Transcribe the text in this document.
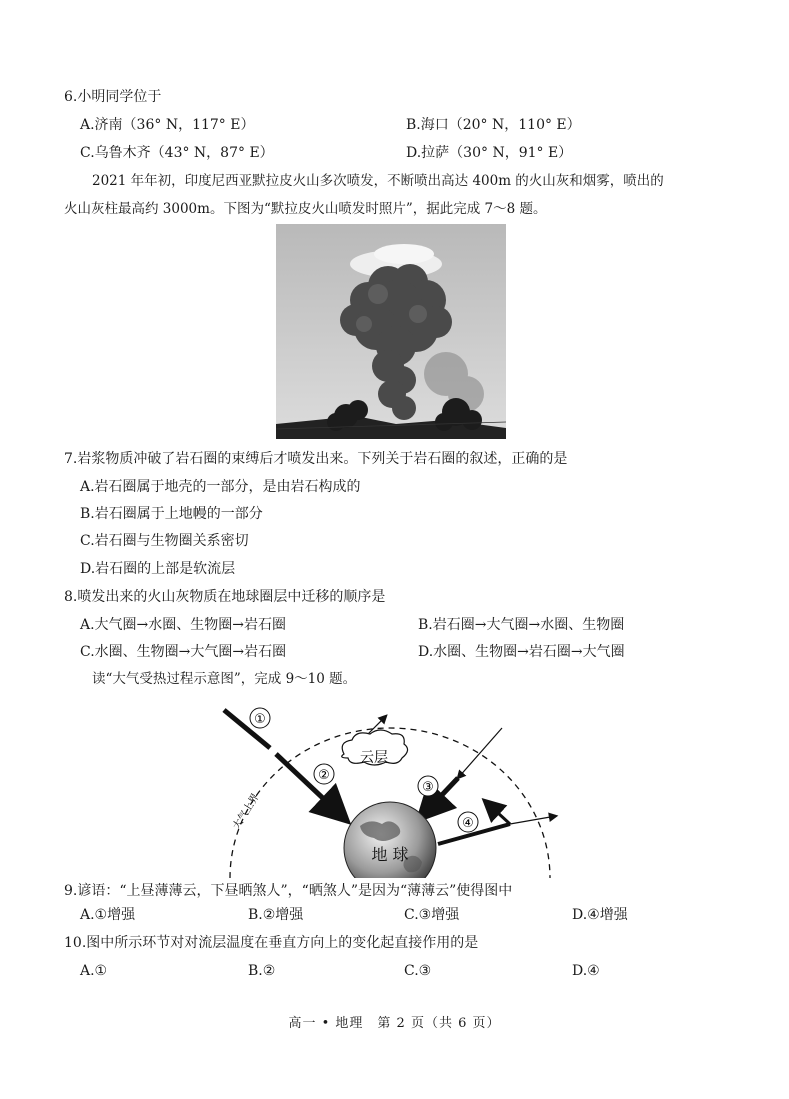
6.小明同学位于
A.济南（36° N，117° E）	B.海口（20° N，110° E）
C.乌鲁木齐（43° N，87° E）	D.拉萨（30° N，91° E）
2021 年年初，印度尼西亚默拉皮火山多次喷发，不断喷出高达 400m 的火山灰和烟雾，喷出的
火山灰柱最高约 3000m。下图为“默拉皮火山喷发时照片”，据此完成 7～8 题。
7.岩浆物质冲破了岩石圈的束缚后才喷发出来。下列关于岩石圈的叙述，正确的是
A.岩石圈属于地壳的一部分，是由岩石构成的
B.岩石圈属于上地幔的一部分
C.岩石圈与生物圈关系密切
D.岩石圈的上部是软流层
8.喷发出来的火山灰物质在地球圈层中迁移的顺序是
A.大气圈→水圈、生物圈→岩石圈	B.岩石圈→大气圈→水圈、生物圈
C.水圈、生物圈→大气圈→岩石圈	D.水圈、生物圈→岩石圈→大气圈
读“大气受热过程示意图”，完成 9～10 题。
云层
地 球
①
②
③
④
大气上界
9.谚语：“上昼薄薄云，下昼晒煞人”，“晒煞人”是因为“薄薄云”使得图中
A.①增强	B.②增强	C.③增强	D.④增强
10.图中所示环节对对流层温度在垂直方向上的变化起直接作用的是
A.①	B.②	C.③	D.④
高一 • 地理　第 2 页（共 6 页）
